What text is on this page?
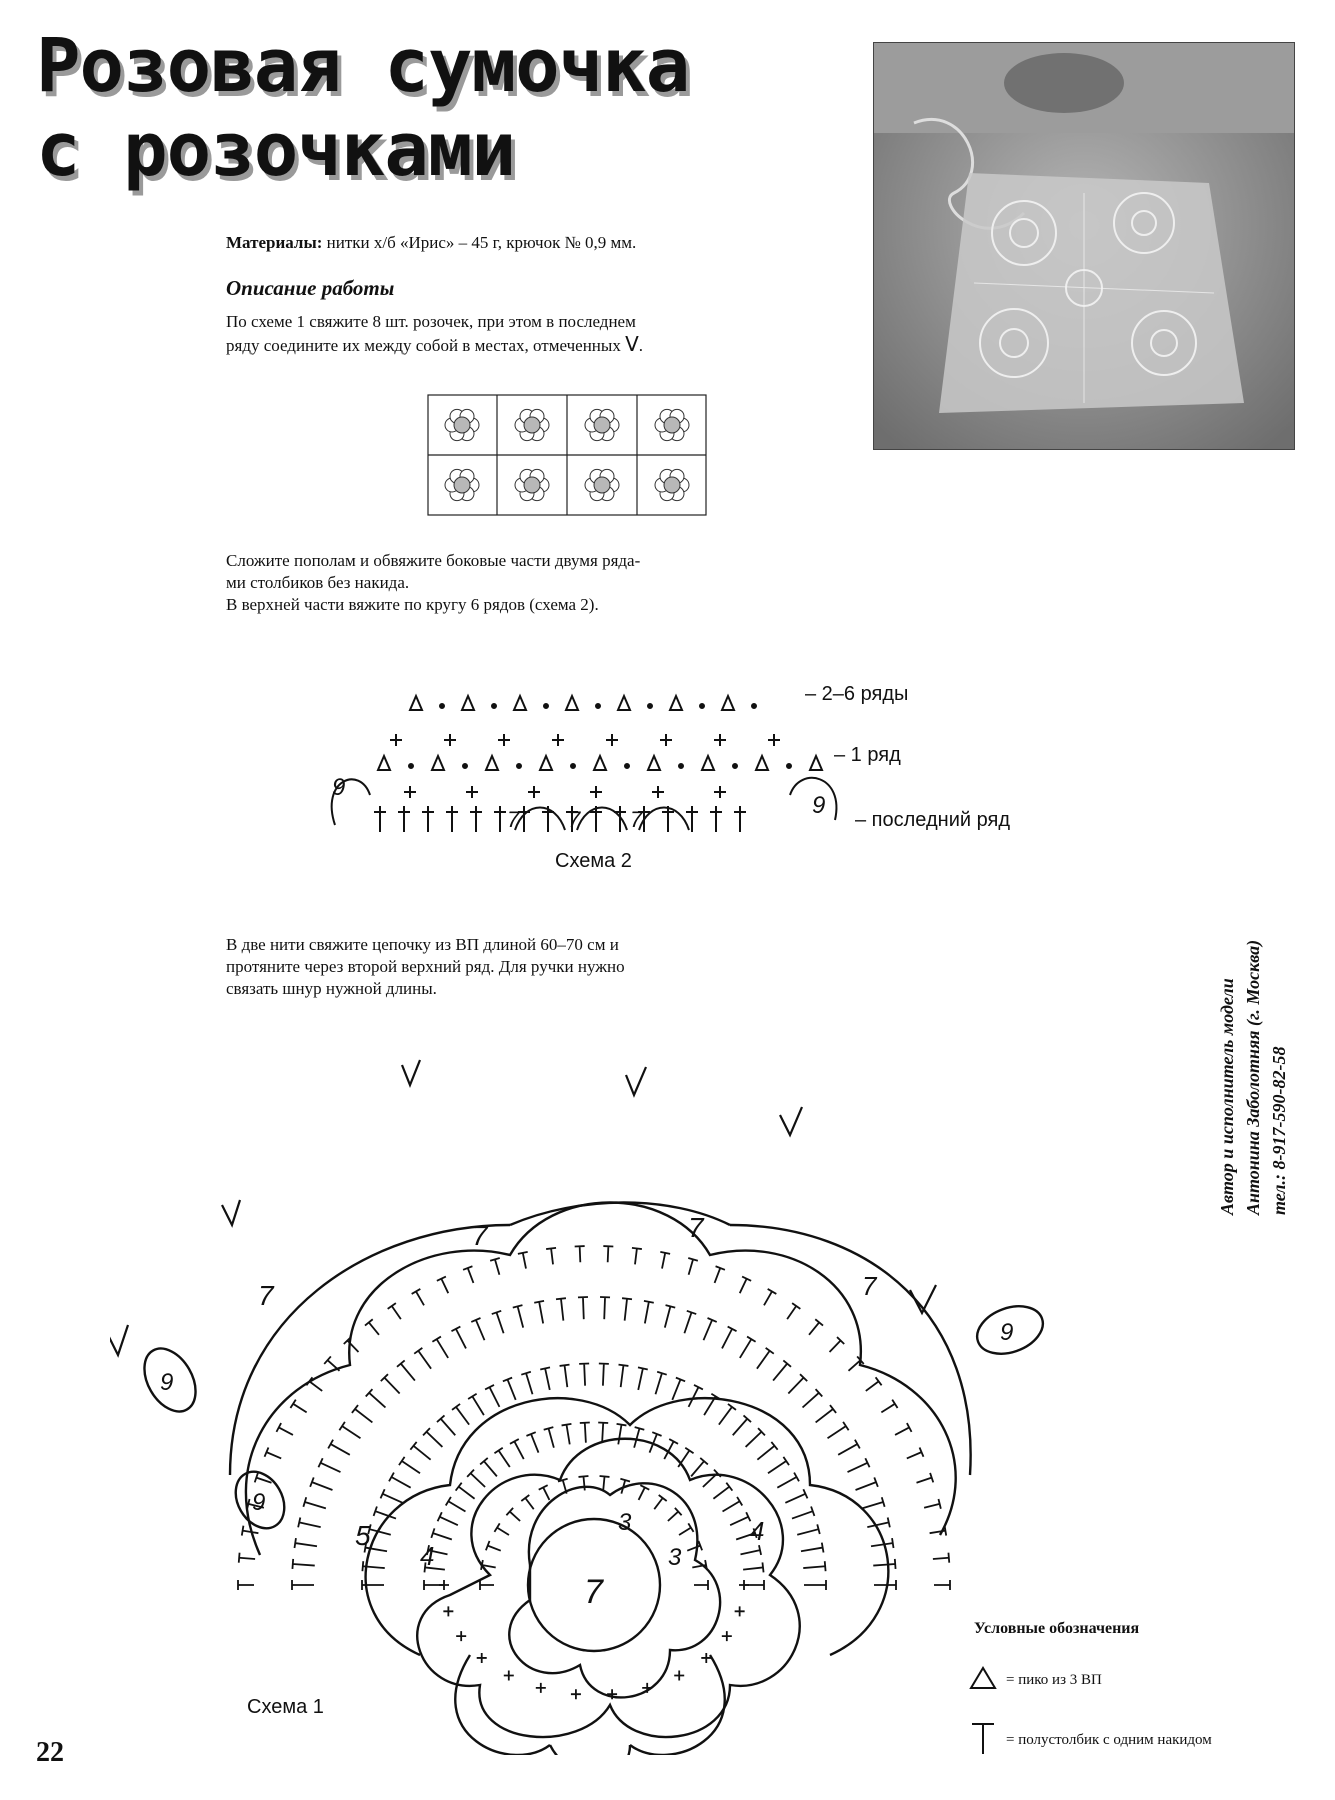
Розовая сумочка
с розочками
Материалы: нитки х/б «Ирис» – 45 г, крючок № 0,9 мм.
Описание работы
По схеме 1 свяжите 8 шт. розочек, при этом в последнем
ряду соедините их между собой в местах, отмеченных V.
Сложите пополам и обвяжите боковые части двумя ряда-
ми столбиков без накида.
В верхней части вяжите по кругу 6 рядов (схема 2).
– 2–6 ряды
– 1 ряд
– последний ряд
Схема 2
9
7 7 7
9
В две нити свяжите цепочку из ВП длиной 60–70 см и
протяните через второй верхний ряд. Для ручки нужно
связать шнур нужной длины.	Автор и исполнитель модели Антонина Заболотняя (г. Москва) тел.: 8-917-590-82-58
7
3
3
4
4
5
7
7	7
7
9
9
9
Схема 1
Условные обозначения
= пико из 3 ВП
= полустолбик с одним накидом
22
